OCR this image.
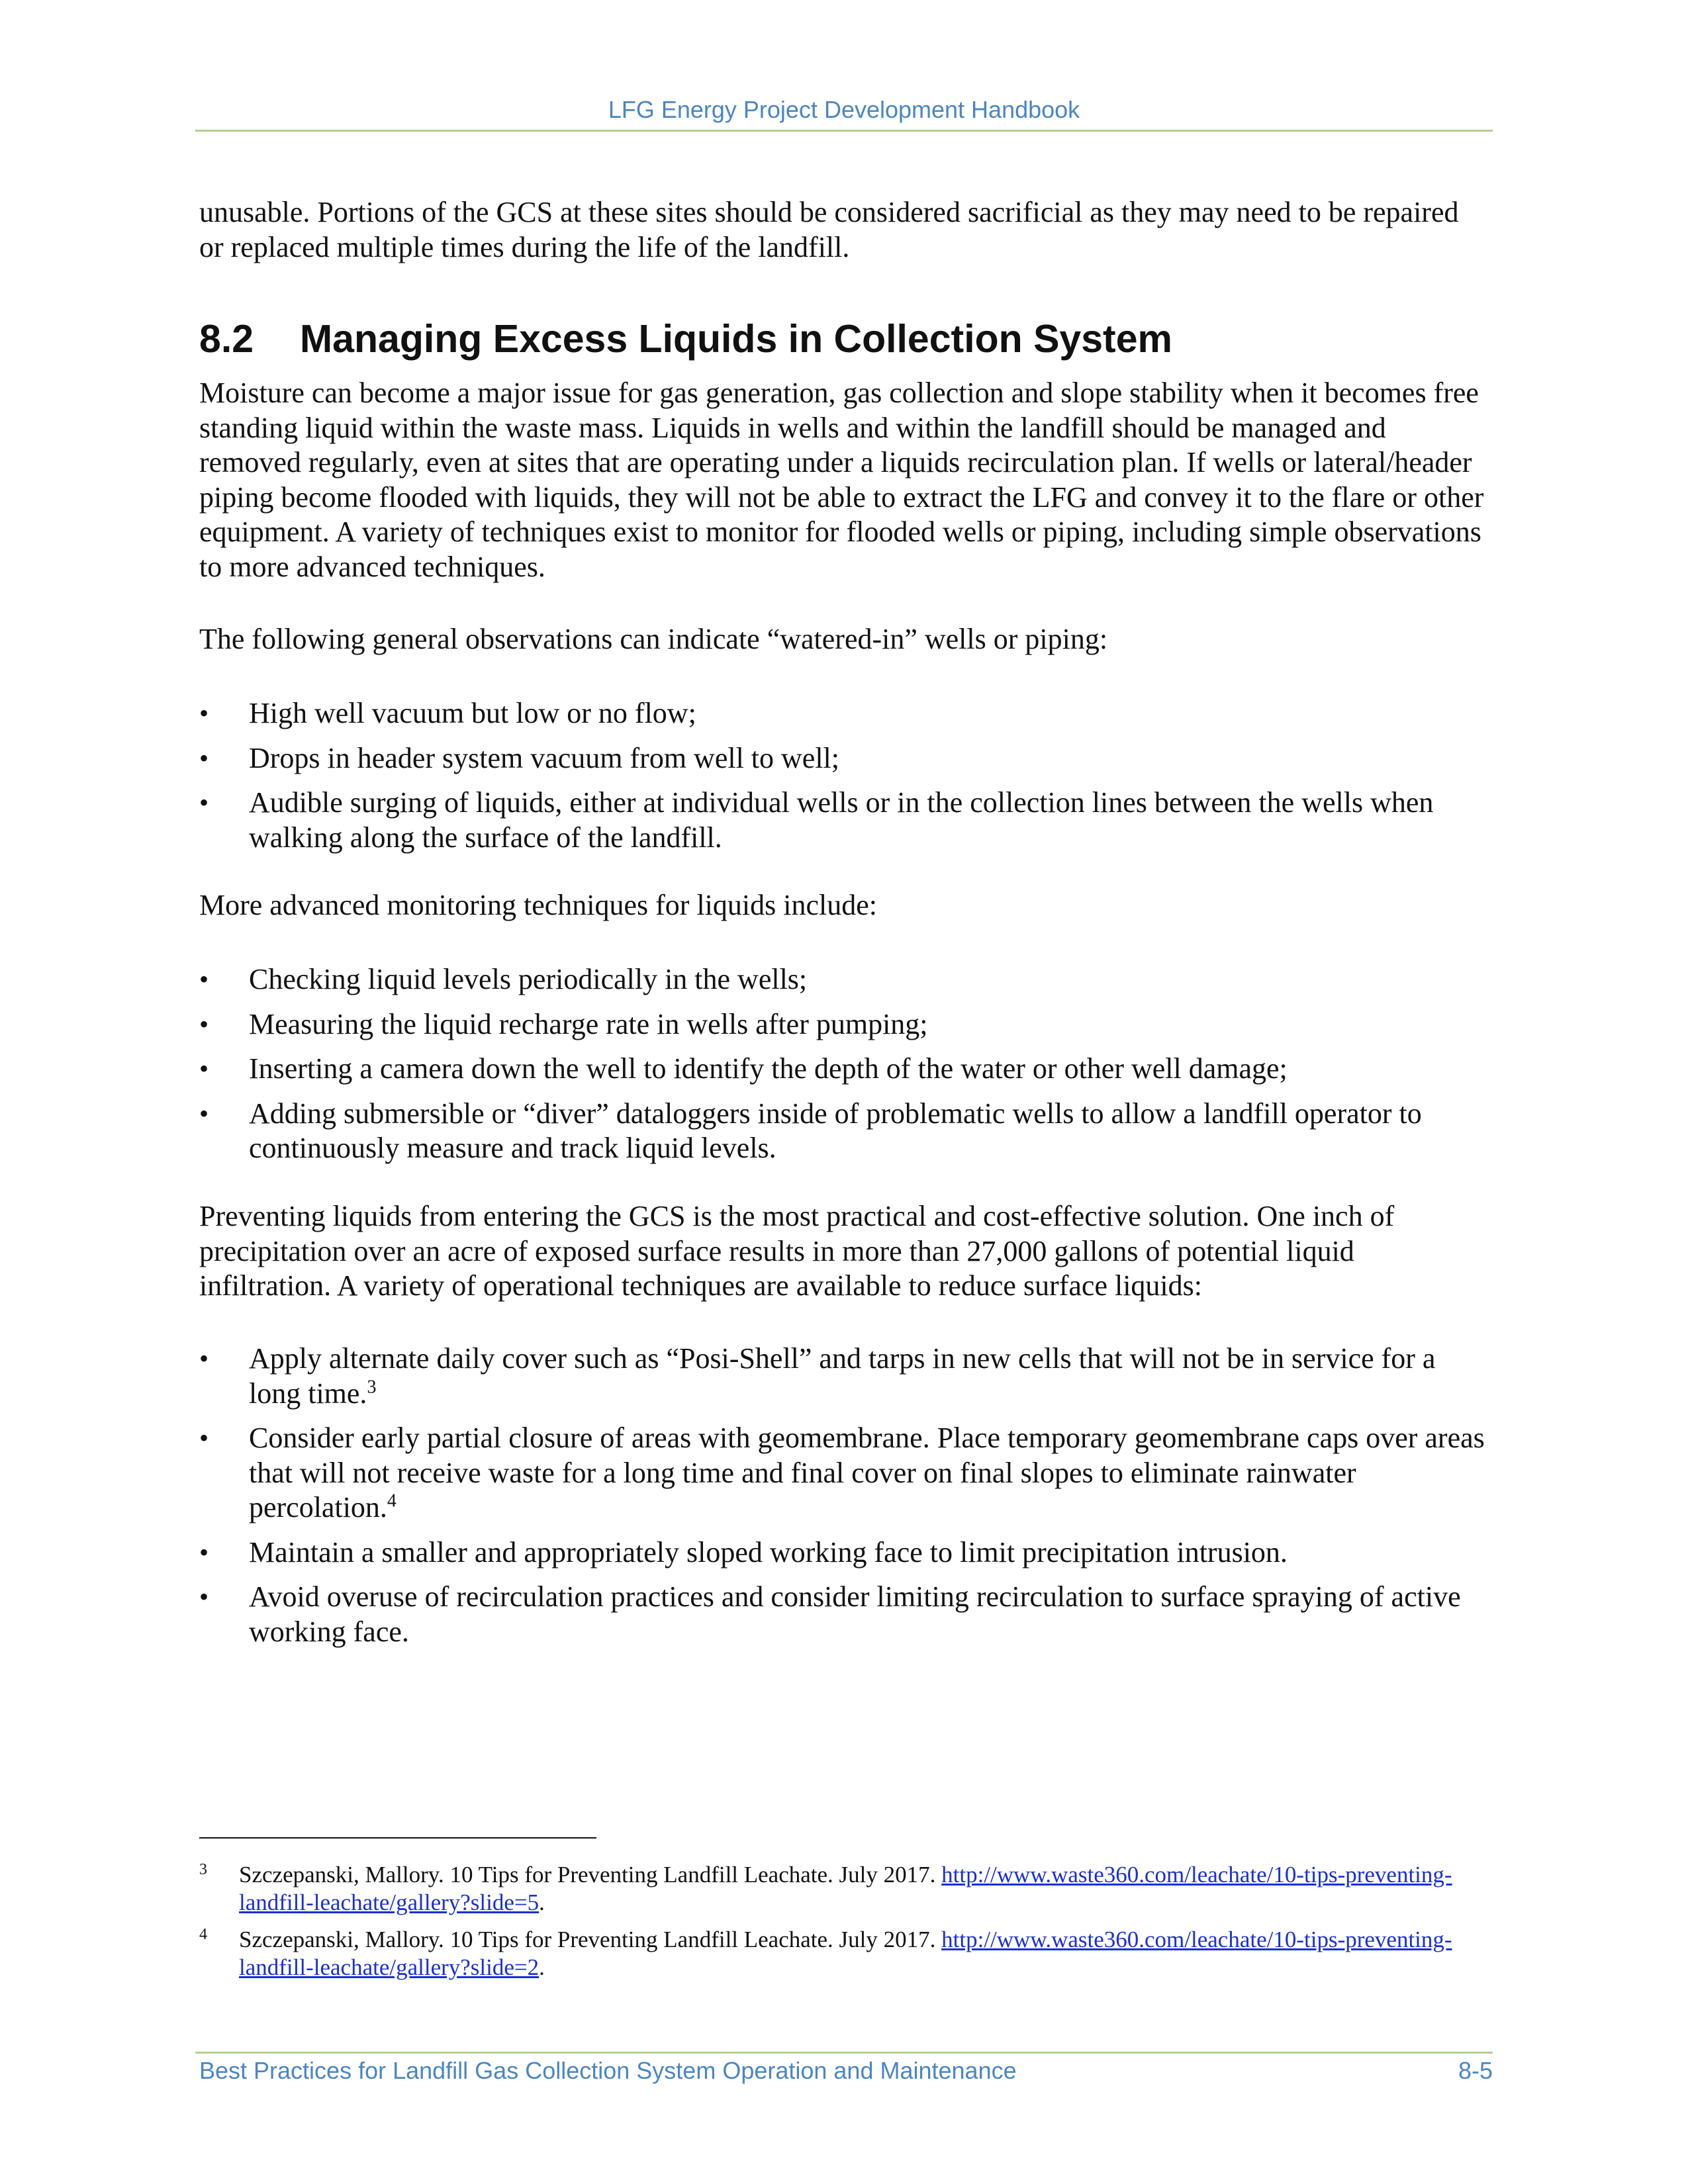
LFG Energy Project Development Handbook

unusable. Portions of the GCS at these sites should be considered sacrificial as they may need to be repaired or replaced multiple times during the life of the landfill.

8.2 Managing Excess Liquids in Collection System

Moisture can become a major issue for gas generation, gas collection and slope stability when it becomes free standing liquid within the waste mass. Liquids in wells and within the landfill should be managed and removed regularly, even at sites that are operating under a liquids recirculation plan. If wells or lateral/header piping become flooded with liquids, they will not be able to extract the LFG and convey it to the flare or other equipment. A variety of techniques exist to monitor for flooded wells or piping, including simple observations to more advanced techniques.

The following general observations can indicate “watered-in” wells or piping:

• High well vacuum but low or no flow;
• Drops in header system vacuum from well to well;
• Audible surging of liquids, either at individual wells or in the collection lines between the wells when walking along the surface of the landfill.

More advanced monitoring techniques for liquids include:

• Checking liquid levels periodically in the wells;
• Measuring the liquid recharge rate in wells after pumping;
• Inserting a camera down the well to identify the depth of the water or other well damage;
• Adding submersible or “diver” dataloggers inside of problematic wells to allow a landfill operator to continuously measure and track liquid levels.

Preventing liquids from entering the GCS is the most practical and cost-effective solution. One inch of precipitation over an acre of exposed surface results in more than 27,000 gallons of potential liquid infiltration. A variety of operational techniques are available to reduce surface liquids:

• Apply alternate daily cover such as “Posi-Shell” and tarps in new cells that will not be in service for a long time.$^3$
• Consider early partial closure of areas with geomembrane. Place temporary geomembrane caps over areas that will not receive waste for a long time and final cover on final slopes to eliminate rainwater percolation.$^4$
• Maintain a smaller and appropriately sloped working face to limit precipitation intrusion.
• Avoid overuse of recirculation practices and consider limiting recirculation to surface spraying of active working face.
3 Szczepanski, Mallory. 10 Tips for Preventing Landfill Leachate. July 2017. http://www.waste360.com/leachate/10-tips-preventing-landfill-leachate/gallery?slide=5.
4 Szczepanski, Mallory. 10 Tips for Preventing Landfill Leachate. July 2017. http://www.waste360.com/leachate/10-tips-preventing-landfill-leachate/gallery?slide=2.
Best Practices for Landfill Gas Collection System Operation and Maintenance	8-5
